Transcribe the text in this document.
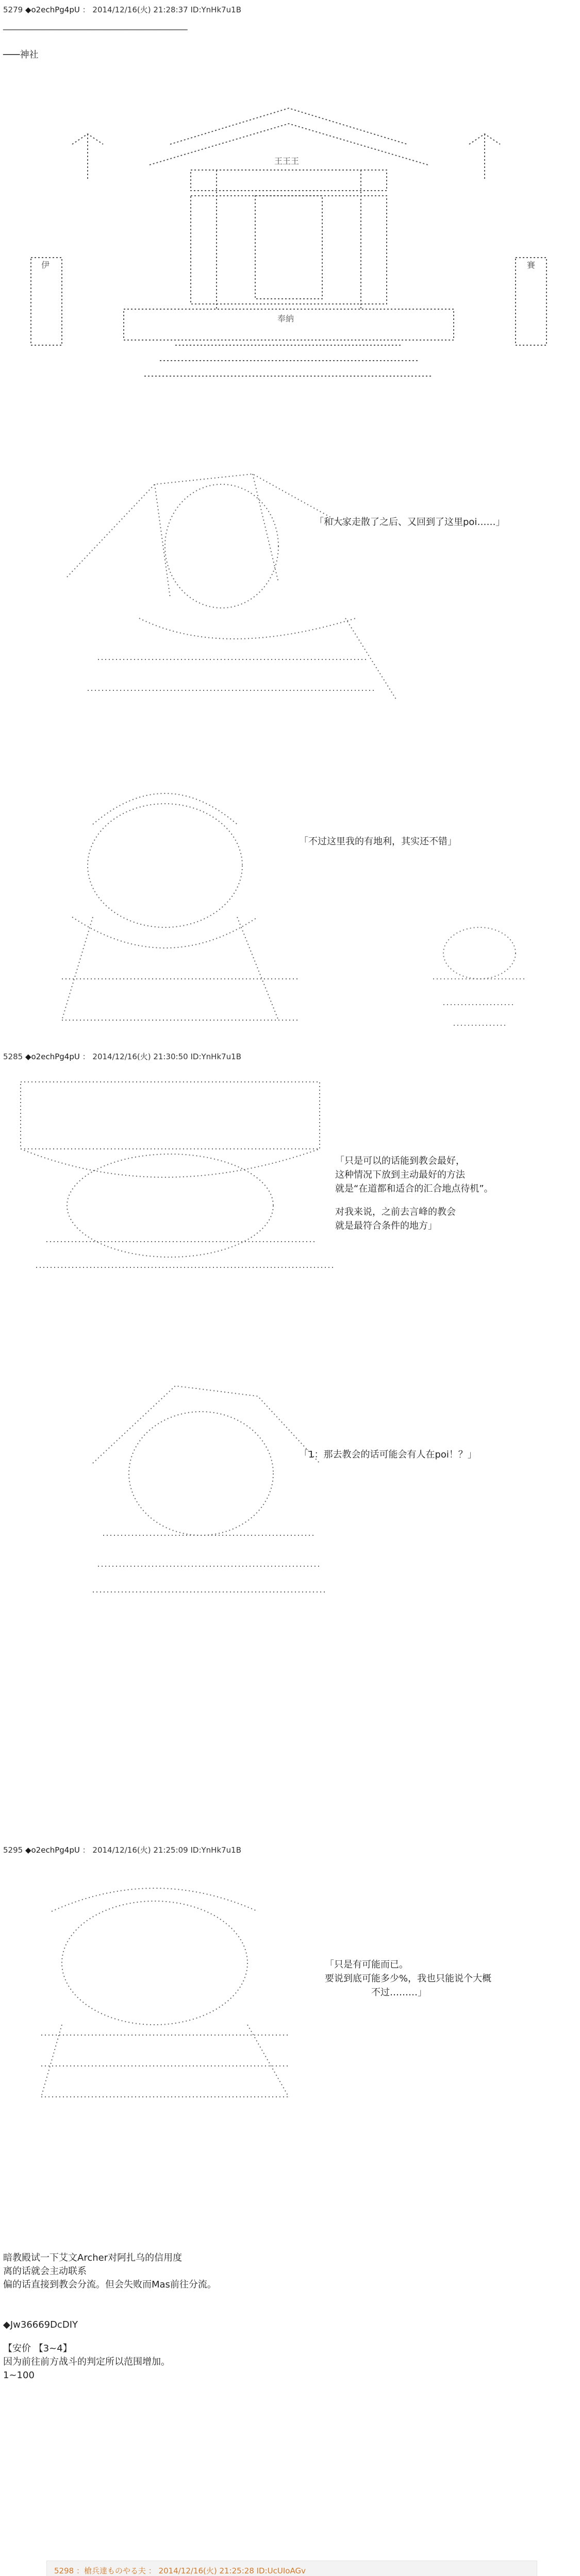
5279 ◆o2echPg4pU ： 2014/12/16(火) 21:28:37 ID:YnHk7u1B
─────────────────────────────────
───神社
王王王
伊	賽
奉納
「和大家走散了之后、又回到了这里poi……」
「不过这里我的有地利，其实还不错」
5285 ◆o2echPg4pU ： 2014/12/16(火) 21:30:50 ID:YnHk7u1B
「只是可以的话能到教会最好，
这种情况下放到主动最好的方法
就是“在道都和适合的汇合地点待机”。
对我来说，之前去言峰的教会
就是最符合条件的地方」
「1：那去教会的话可能会有人在poi！？」
5295 ◆o2echPg4pU ： 2014/12/16(火) 21:25:09 ID:YnHk7u1B
「只是有可能而已。
要说到底可能多少%，我也只能说个大概
不过………」
暗教殿试一下艾文Archer对阿扎乌的信用度
离的话就会主动联系
偏的话直接到教会分流。但会失败而Mas前往分流。
◆Jw36669DcDIY
【安价 【3~4】
因为前往前方战斗的判定所以范围增加。
1~100
5298 ：槍兵達ものやる夫 ： 2014/12/16(火) 21:25:28 ID:UcUIoAGv
